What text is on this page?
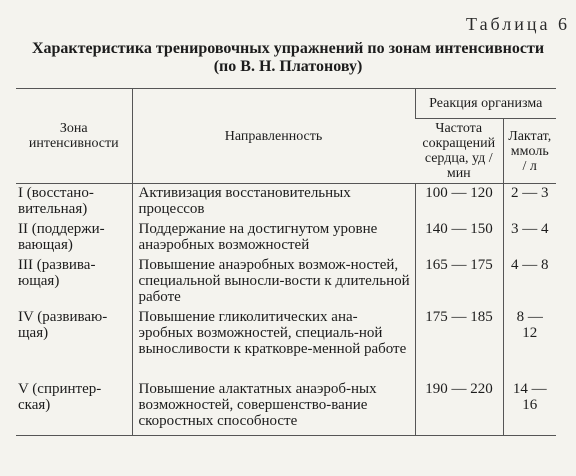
Таблица 6
Характеристика тренировочных упражнений по зонам интенсивности
(по В. Н. Платонову)
Зона интенсивности	Направленность	Реакция организма	
		Частота сокращений сердца, уд / мин	Лактат, ммоль / л
I (восстано-вительная)	Активизация восстановительных процессов	100 — 120	2 — 3
II (поддержи-вающая)	Поддержание на достигнутом уровне анаэробных возможностей	140 — 150	3 — 4
III (развива-ющая)	Повышение анаэробных возмож-ностей, специальной выносли-вости к длительной работе	165 — 175	4 — 8
IV (развиваю-щая)	Повышение гликолитических ана-эробных возможностей, специаль-ной выносливости к кратковре-менной работе	175 — 185	8 — 12
V (спринтер-ская)	Повышение алактатных анаэроб-ных возможностей, совершенство-вание скоростных способносте	190 — 220	14 — 16
